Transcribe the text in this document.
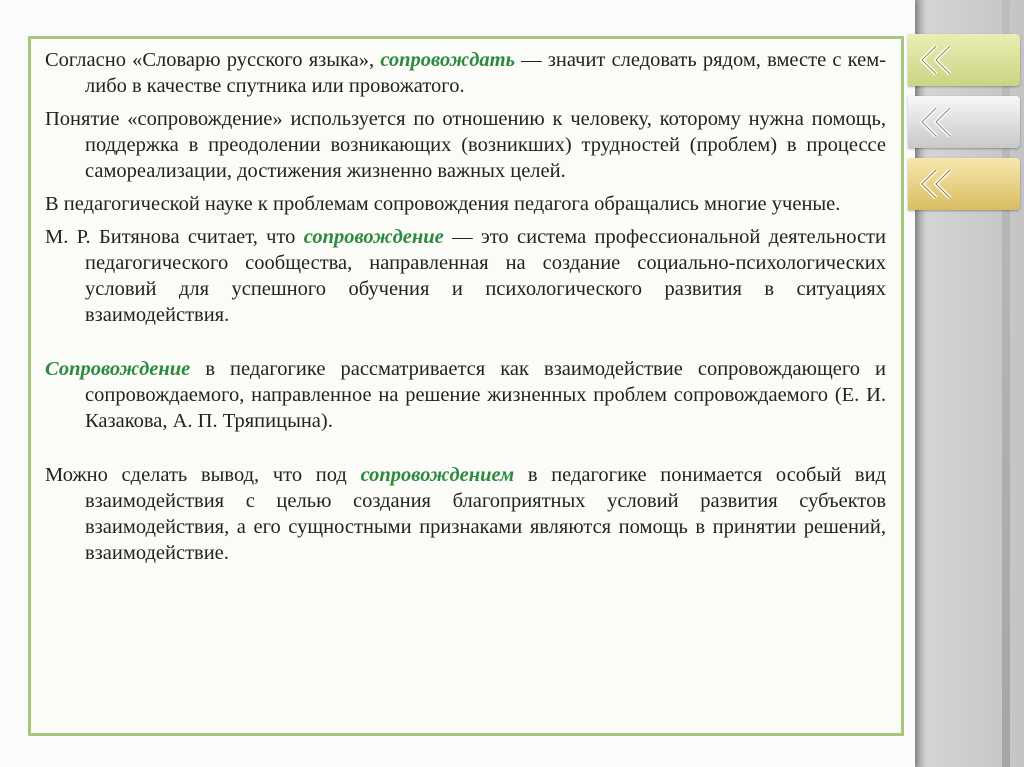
Согласно «Словарю русского языка», сопровождать — значит следовать рядом, вместе с кем-либо в качестве спутника или провожатого.

Понятие «сопровождение» используется по отношению к человеку, которому нужна помощь, поддержка в преодолении возникающих (возникших) трудностей (проблем) в процессе самореализации, достижения жизненно важных целей.

В педагогической науке к проблемам сопровождения педагога обращались многие ученые.

М. Р. Битянова считает, что сопровождение — это система профессиональной деятельности педагогического сообщества, направленная на создание социально-психологических условий для успешного обучения и психологического развития в ситуациях взаимодействия.

Сопровождение в педагогике рассматривается как взаимодействие сопровождающего и сопровождаемого, направленное на решение жизненных проблем сопровождаемого (Е. И. Казакова, А. П. Тряпицына).

Можно сделать вывод, что под сопровождением в педагогике понимается особый вид взаимодействия с целью создания благоприятных условий развития субъектов взаимодействия, а его сущностными признаками являются помощь в принятии решений, взаимодействие.
